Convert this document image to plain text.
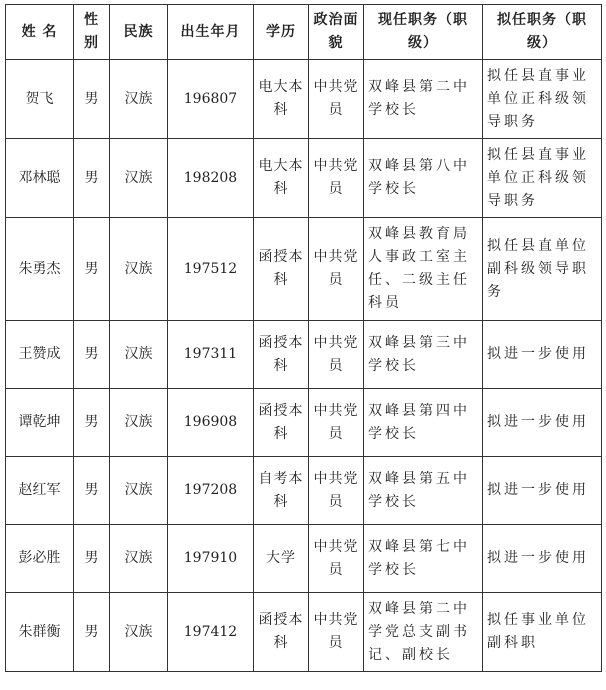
姓 名	性别	民族	出生年月	学历	政治面貌	现任职务（职级）	拟任职务（职级）
贺飞	男	汉族	196807	电大本科	中共党员	双峰县第二中学校长	拟任县直事业单位正科级领导职务
邓林聪	男	汉族	198208	电大本科	中共党员	双峰县第八中学校长	拟任县直事业单位正科级领导职务
朱勇杰	男	汉族	197512	函授本科	中共党员	双峰县教育局人事政工室主任、二级主任科员	拟任县直单位副科级领导职务
王赞成	男	汉族	197311	函授本科	中共党员	双峰县第三中学校长	拟进一步使用
谭乾坤	男	汉族	196908	函授本科	中共党员	双峰县第四中学校长	拟进一步使用
赵红军	男	汉族	197208	自考本科	中共党员	双峰县第五中学校长	拟进一步使用
彭必胜	男	汉族	197910	大学	中共党员	双峰县第七中学校长	拟进一步使用
朱群衡	男	汉族	197412	函授本科	中共党员	双峰县第二中学党总支副书记、副校长	拟任事业单位副科职
